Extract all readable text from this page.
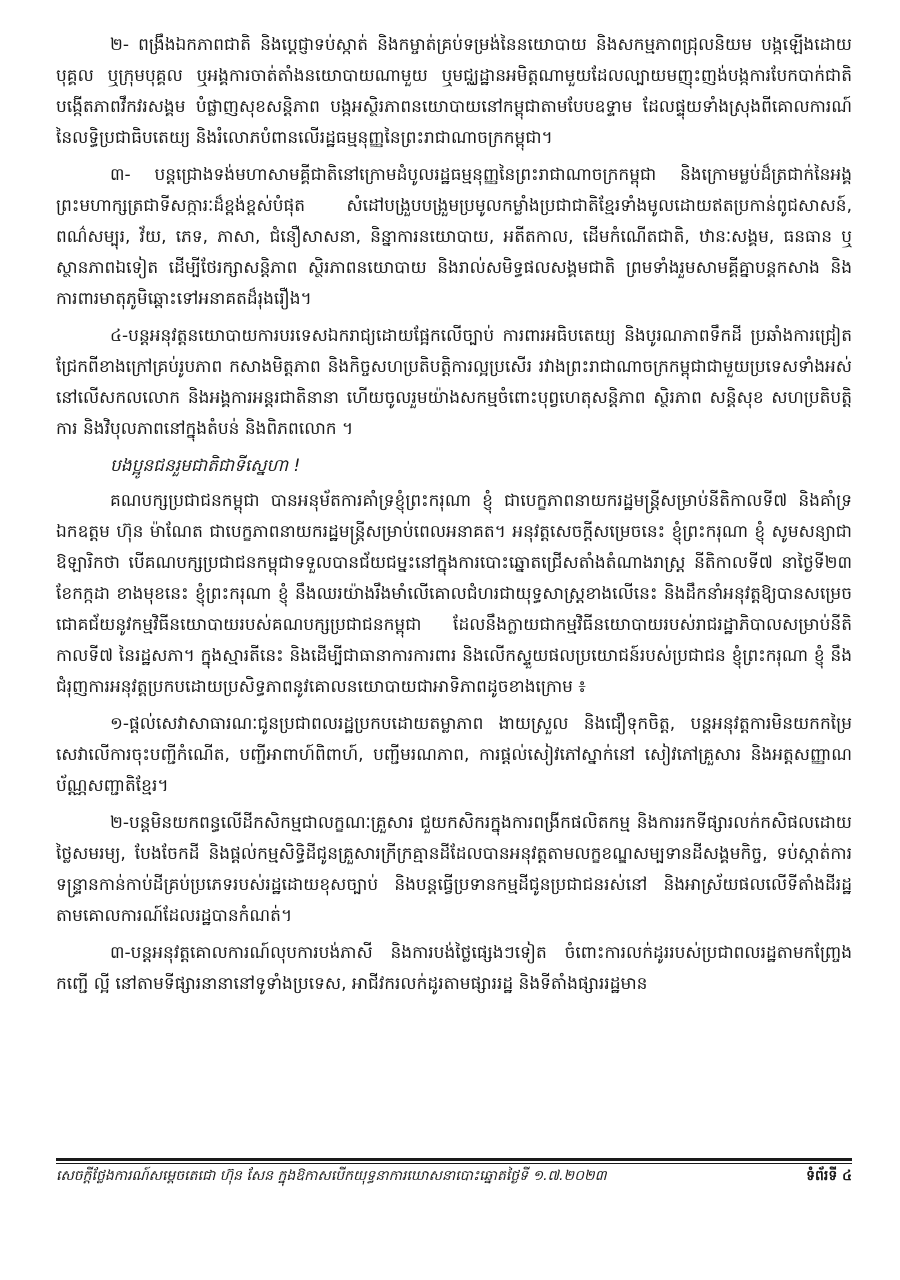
២- ពង្រឹងឯកភាពជាតិ និងប្តេជ្ញាទប់ស្កាត់ និងកម្ចាត់គ្រប់ទម្រង់នៃនយោបាយ និងសកម្មភាពជ្រុលនិយម បង្កឡើងដោយបុគ្គល ឬក្រុមបុគ្គល ឬអង្គការចាត់តាំងនយោបាយណាមួយ ឬមជ្ឈដ្ឋានអមិត្តណាមួយដែលល្បាយមញុះញង់បង្កការបែកបាក់ជាតិ បង្កើតភាពវឹកវរសង្គម បំផ្លាញសុខសន្តិភាព បង្កអស្ថិរភាពនយោបាយនៅកម្ពុជាតាមបែបឧទ្ទាម ដែលផ្ទុយទាំងស្រុងពីគោលការណ៍នៃលទ្ធិប្រជាធិបតេយ្យ និងរំលោភបំពានលើរដ្ឋធម្មនុញ្ញនៃព្រះរាជាណាចក្រកម្ពុជា។

៣- បន្តជ្រោងទង់មហាសាមគ្គីជាតិនៅក្រោមដំបូលរដ្ឋធម្មនុញ្ញនៃព្រះរាជាណាចក្រកម្ពុជា និងក្រោមម្លប់ដ៏ត្រជាក់នៃអង្គព្រះមហាក្សត្រជាទីសក្ការៈដ៏ខ្ពង់ខ្ពស់បំផុត សំដៅបង្រួបបង្រួមប្រមូលកម្លាំងប្រជាជាតិខ្មែរទាំងមូលដោយឥតប្រកាន់ពូជសាសន៍, ពណ៌សម្បុរ, វ័យ, ភេទ, ភាសា, ជំនឿសាសនា, និន្នាការនយោបាយ, អតីតកាល, ដើមកំណើតជាតិ, ឋានៈសង្គម, ធនធាន ឬស្ថានភាពឯទៀត ដើម្បីថែរក្សាសន្តិភាព ស្ថិរភាពនយោបាយ និងរាល់សមិទ្ធផលសង្គមជាតិ ព្រមទាំងរួមសាមគ្គីគ្នាបន្តកសាង និងការពារមាតុភូមិឆ្ពោះទៅអនាគតដ៏រុងរឿង។

៤-បន្តអនុវត្តនយោបាយការបរទេសឯករាជ្យដោយផ្អែកលើច្បាប់ ការពារអធិបតេយ្យ និងបូរណភាពទឹកដី ប្រឆាំងការជ្រៀតជ្រែកពីខាងក្រៅគ្រប់រូបភាព កសាងមិត្តភាព និងកិច្ចសហប្រតិបត្តិការល្អប្រសើរ រវាងព្រះរាជាណាចក្រកម្ពុជាជាមួយប្រទេសទាំងអស់នៅលើសកលលោក និងអង្គការអន្តរជាតិនានា ហើយចូលរួមយ៉ាងសកម្មចំពោះបុព្វហេតុសន្តិភាព ស្ថិរភាព សន្តិសុខ សហប្រតិបត្តិការ និងវិបុលភាពនៅក្នុងតំបន់ និងពិភពលោក ។

បងប្អូនជនរួមជាតិជាទីស្នេហា !

គណបក្សប្រជាជនកម្ពុជា បានអនុម័តការគាំទ្រខ្ញុំព្រះករុណា ខ្ញុំ ជាបេក្ខភាពនាយករដ្ឋមន្ត្រីសម្រាប់នីតិកាលទី៧ និងគាំទ្រ ឯកឧត្តម ហ៊ុន ម៉ាណែត ជាបេក្ខភាពនាយករដ្ឋមន្ត្រីសម្រាប់ពេលអនាគត។ អនុវត្តសេចក្តីសម្រេចនេះ ខ្ញុំព្រះករុណា ខ្ញុំ សូមសន្យាជាឱឡារិកថា បើគណបក្សប្រជាជនកម្ពុជាទទួលបានជ័យជម្នះនៅក្នុងការបោះឆ្នោតជ្រើសតាំងតំណាងរាស្ត្រ នីតិកាលទី៧ នាថ្ងៃទី២៣ ខែកក្កដា ខាងមុខនេះ ខ្ញុំព្រះករុណា ខ្ញុំ នឹងឈរយ៉ាងរឹងមាំលើគោលជំហរជាយុទ្ធសាស្ត្រខាងលើនេះ និងដឹកនាំអនុវត្តឱ្យបានសម្រេចជោគជ័យនូវកម្មវិធីនយោបាយរបស់គណបក្សប្រជាជនកម្ពុជា ដែលនឹងក្លាយជាកម្មវិធីនយោបាយរបស់រាជរដ្ឋាភិបាលសម្រាប់នីតិកាលទី៧ នៃរដ្ឋសភា។ ក្នុងស្មារតីនេះ និងដើម្បីជាធានាការការពារ និងលើកស្ទួយផលប្រយោជន៍របស់ប្រជាជន ខ្ញុំព្រះករុណា ខ្ញុំ នឹងជំរុញការអនុវត្តប្រកបដោយប្រសិទ្ធភាពនូវគោលនយោបាយជាអាទិភាពដូចខាងក្រោម ៖

១-ផ្តល់សេវាសាធារណៈជូនប្រជាពលរដ្ឋប្រកបដោយតម្លាភាព ងាយស្រួល និងជឿទុកចិត្ត, បន្តអនុវត្តការមិនយកកម្រៃសេវាលើការចុះបញ្ជីកំណើត, បញ្ជីអាពាហ៍ពិពាហ៍, បញ្ជីមរណភាព, ការផ្តល់សៀវភៅស្នាក់នៅ សៀវភៅគ្រួសារ និងអត្តសញ្ញាណប័ណ្ណសញ្ជាតិខ្មែរ។

២-បន្តមិនយកពន្ធលើដីកសិកម្មជាលក្ខណៈគ្រួសារ ជួយកសិករក្នុងការពង្រីកផលិតកម្ម និងការរកទីផ្សារលក់កសិផលដោយថ្លៃសមរម្យ, បែងចែកដី និងផ្តល់កម្មសិទ្ធិដីជូនគ្រួសារក្រីក្រគ្មានដីដែលបានអនុវត្តតាមលក្ខខណ្ឌសម្បទានដីសង្គមកិច្ច, ទប់ស្កាត់ការទន្ទ្រានកាន់កាប់ដីគ្រប់ប្រភេទរបស់រដ្ឋដោយខុសច្បាប់ និងបន្តធ្វើប្រទានកម្មដីជូនប្រជាជនរស់នៅ និងអាស្រ័យផលលើទីតាំងដីរដ្ឋតាមគោលការណ៍ដែលរដ្ឋបានកំណត់។

៣-បន្តអនុវត្តគោលការណ៍លុបការបង់ភាសី និងការបង់ថ្លៃផ្សេងៗទៀត ចំពោះការលក់ដូររបស់ប្រជាពលរដ្ឋតាមកញ្ច្រែង កញ្ជើ ល្អី នៅតាមទីផ្សារនានានៅទូទាំងប្រទេស, អាជីវករលក់ដូរតាមផ្សាររដ្ឋ និងទីតាំងផ្សាររដ្ឋមាន

សេចក្តីថ្លែងការណ៍សម្តេចតេជោ ហ៊ុន សែន ក្នុងឱកាសបើកយុទ្ធនាការឃោសនាបោះឆ្នោតថ្ងៃទី ១.៧.២០២៣	ទំព័រទី ៤
